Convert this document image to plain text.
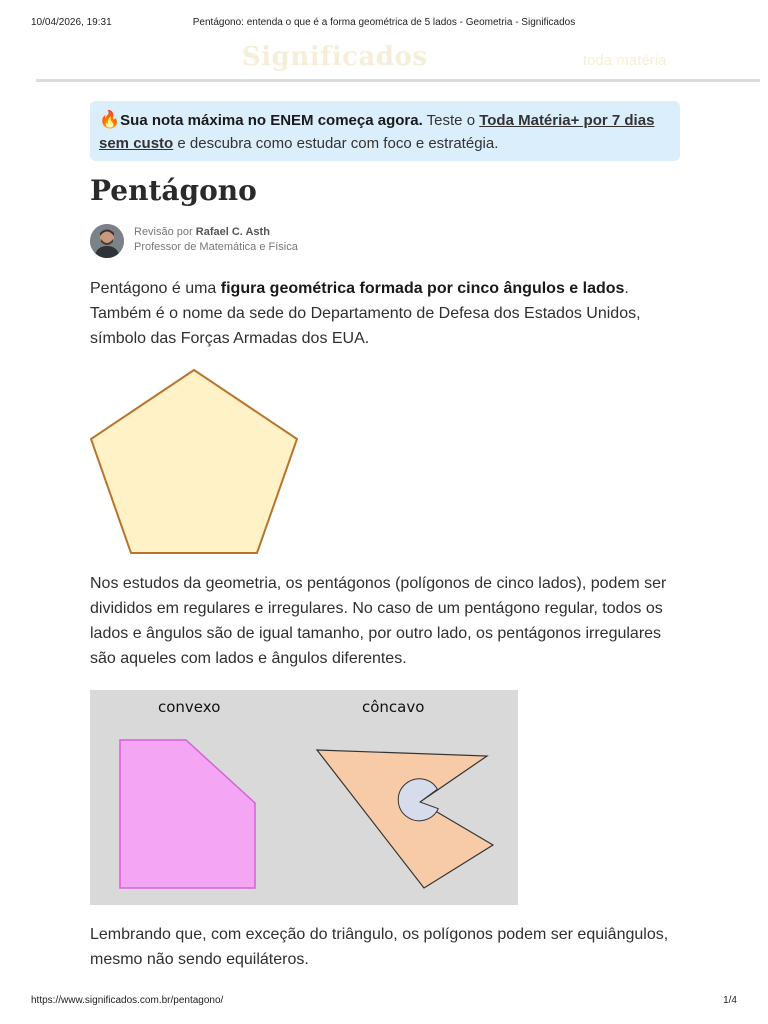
10/04/2026, 19:31	Pentágono: entenda o que é a forma geométrica de 5 lados - Geometria - Significados
Significados	toda matéria
🔥Sua nota máxima no ENEM começa agora. Teste o Toda Matéria+ por 7 dias sem custo e descubra como estudar com foco e estratégia.
Pentágono
Revisão por Rafael C. Asth
Professor de Matemática e Física

Pentágono é uma figura geométrica formada por cinco ângulos e lados. Também é o nome da sede do Departamento de Defesa dos Estados Unidos, símbolo das Forças Armadas dos EUA.

Nos estudos da geometria, os pentágonos (polígonos de cinco lados), podem ser divididos em regulares e irregulares. No caso de um pentágono regular, todos os lados e ângulos são de igual tamanho, por outro lado, os pentágonos irregulares são aqueles com lados e ângulos diferentes.

convexo	côncavo

Lembrando que, com exceção do triângulo, os polígonos podem ser equiângulos, mesmo não sendo equiláteros.

https://www.significados.com.br/pentagono/	1/4
